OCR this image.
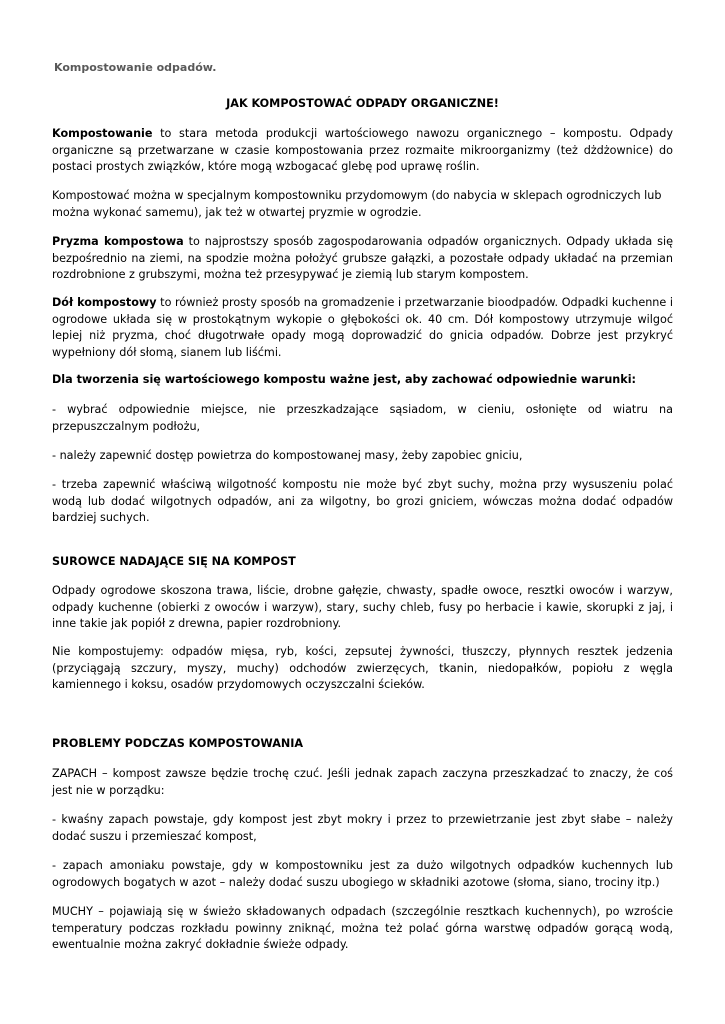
Kompostowanie odpadów.
JAK KOMPOSTOWAĆ ODPADY ORGANICZNE!

Kompostowanie to stara metoda produkcji wartościowego nawozu organicznego – kompostu. Odpady organiczne są przetwarzane w czasie kompostowania przez rozmaite mikroorganizmy (też dżdżownice) do postaci prostych związków, które mogą wzbogacać glebę pod uprawę roślin.

Kompostować można w specjalnym kompostowniku przydomowym (do nabycia w sklepach ogrodniczych lub można wykonać samemu), jak też w otwartej pryzmie w ogrodzie.

Pryzma kompostowa to najprostszy sposób zagospodarowania odpadów organicznych. Odpady układa się bezpośrednio na ziemi, na spodzie można położyć grubsze gałązki, a pozostałe odpady układać na przemian rozdrobnione z grubszymi, można też przesypywać je ziemią lub starym kompostem.

Dół kompostowy to również prosty sposób na gromadzenie i przetwarzanie bioodpadów. Odpadki kuchenne i ogrodowe układa się w prostokątnym wykopie o głębokości ok. 40 cm. Dół kompostowy utrzymuje wilgoć lepiej niż pryzma, choć długotrwałe opady mogą doprowadzić do gnicia odpadów. Dobrze jest przykryć wypełniony dół słomą, sianem lub liśćmi.

Dla tworzenia się wartościowego kompostu ważne jest, aby zachować odpowiednie warunki:

- wybrać odpowiednie miejsce, nie przeszkadzające sąsiadom, w cieniu, osłonięte od wiatru na przepuszczalnym podłożu,

- należy zapewnić dostęp powietrza do kompostowanej masy, żeby zapobiec gniciu,

- trzeba zapewnić właściwą wilgotność kompostu nie może być zbyt suchy, można przy wysuszeniu polać wodą lub dodać wilgotnych odpadów, ani za wilgotny, bo grozi gniciem, wówczas można dodać odpadów bardziej suchych.

SUROWCE NADAJĄCE SIĘ NA KOMPOST

Odpady ogrodowe skoszona trawa, liście, drobne gałęzie, chwasty, spadłe owoce, resztki owoców i warzyw, odpady kuchenne (obierki z owoców i warzyw), stary, suchy chleb, fusy po herbacie i kawie, skorupki z jaj, i inne takie jak popiół z drewna, papier rozdrobniony.

Nie kompostujemy: odpadów mięsa, ryb, kości, zepsutej żywności, tłuszczy, płynnych resztek jedzenia (przyciągają szczury, myszy, muchy) odchodów zwierzęcych, tkanin, niedopałków, popiołu z węgla kamiennego i koksu, osadów przydomowych oczyszczalni ścieków.

PROBLEMY PODCZAS KOMPOSTOWANIA

ZAPACH – kompost zawsze będzie trochę czuć. Jeśli jednak zapach zaczyna przeszkadzać to znaczy, że coś jest nie w porządku:

- kwaśny zapach powstaje, gdy kompost jest zbyt mokry i przez to przewietrzanie jest zbyt słabe – należy dodać suszu i przemieszać kompost,

- zapach amoniaku powstaje, gdy w kompostowniku jest za dużo wilgotnych odpadków kuchennych lub ogrodowych bogatych w azot – należy dodać suszu ubogiego w składniki azotowe (słoma, siano, trociny itp.)

MUCHY – pojawiają się w świeżo składowanych odpadach (szczególnie resztkach kuchennych), po wzroście temperatury podczas rozkładu powinny zniknąć, można też polać górna warstwę odpadów gorącą wodą, ewentualnie można zakryć dokładnie świeże odpady.
